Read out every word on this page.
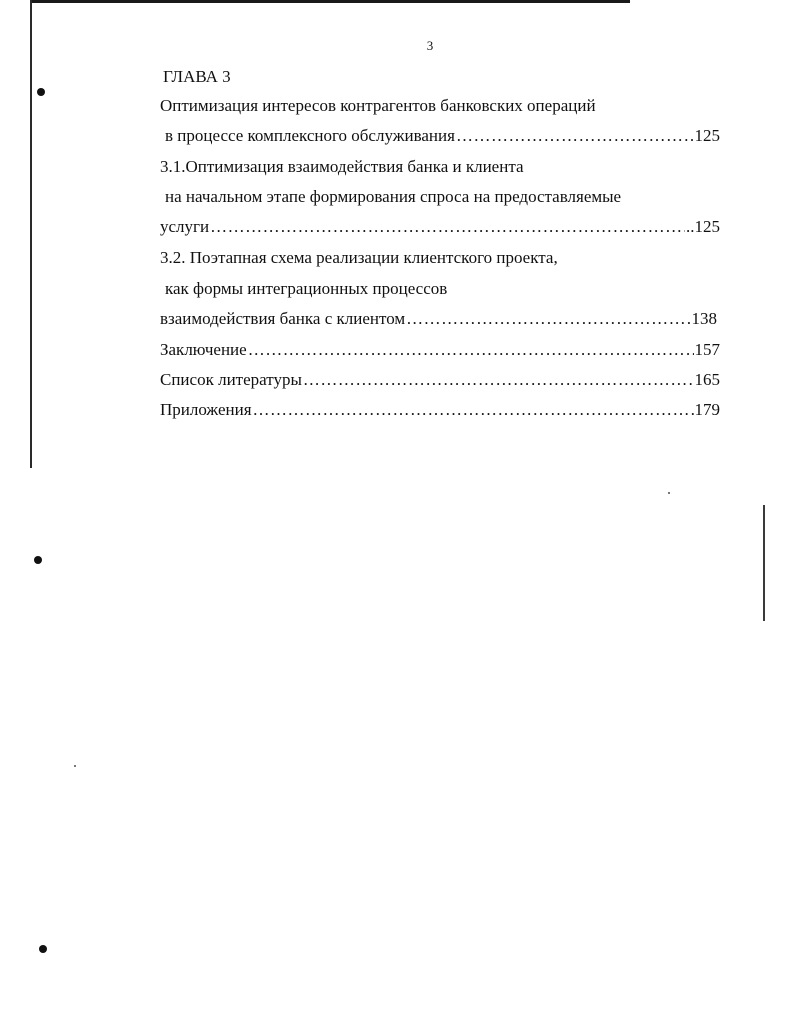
3
ГЛАВА 3
Оптимизация интересов контрагентов банковских операций
в процессе комплексного обслуживания ……………………………………………………………………………………………………………………………………	125
3.1.Оптимизация взаимодействия банка и клиента
на начальном этапе формирования спроса на предоставляемые
услуги ……………………………………………………………………………………………………………………………………	..125
3.2. Поэтапная схема реализации клиентского проекта,
как формы интеграционных процессов
взаимодействия банка с клиентом ……………………………………………………………………………………………………………………………………	138
Заключение ……………………………………………………………………………………………………………………………………	157
Список литературы ……………………………………………………………………………………………………………………………………	165
Приложения ……………………………………………………………………………………………………………………………………	179
